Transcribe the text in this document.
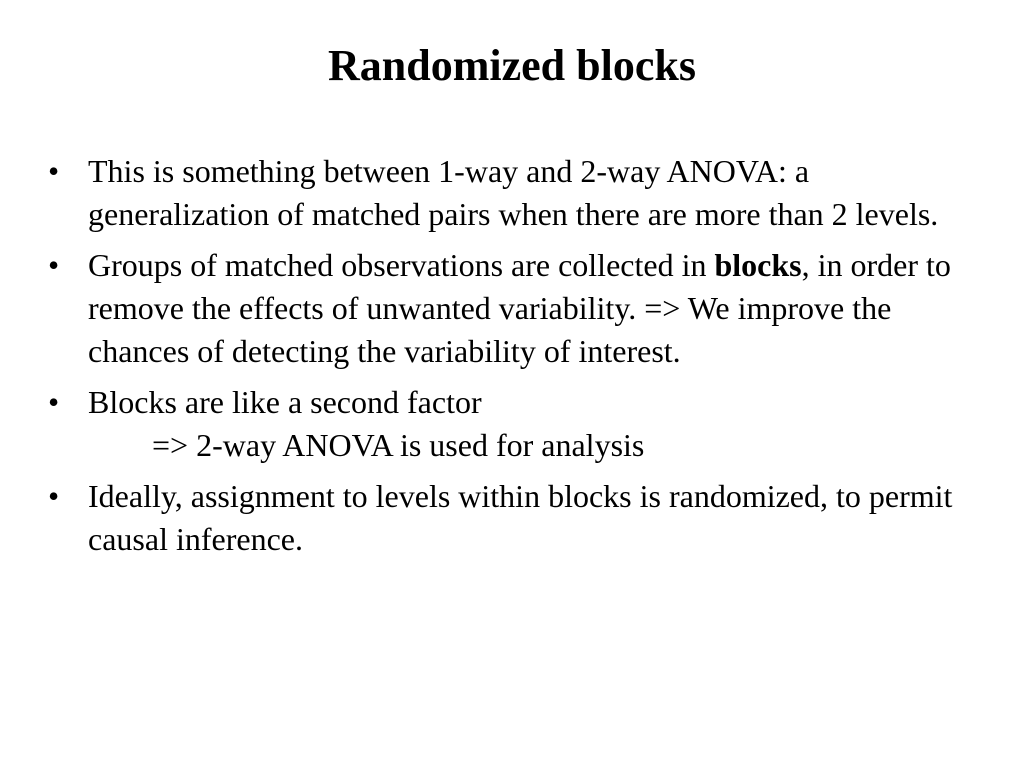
Randomized blocks
• This is something between 1-way and 2-way ANOVA: a generalization of matched pairs when there are more than 2 levels.
• Groups of matched observations are collected in blocks, in order to remove the effects of unwanted variability. => We improve the chances of detecting the variability of interest.
• Blocks are like a second factor
=> 2-way ANOVA is used for analysis
• Ideally, assignment to levels within blocks is randomized, to permit causal inference.
